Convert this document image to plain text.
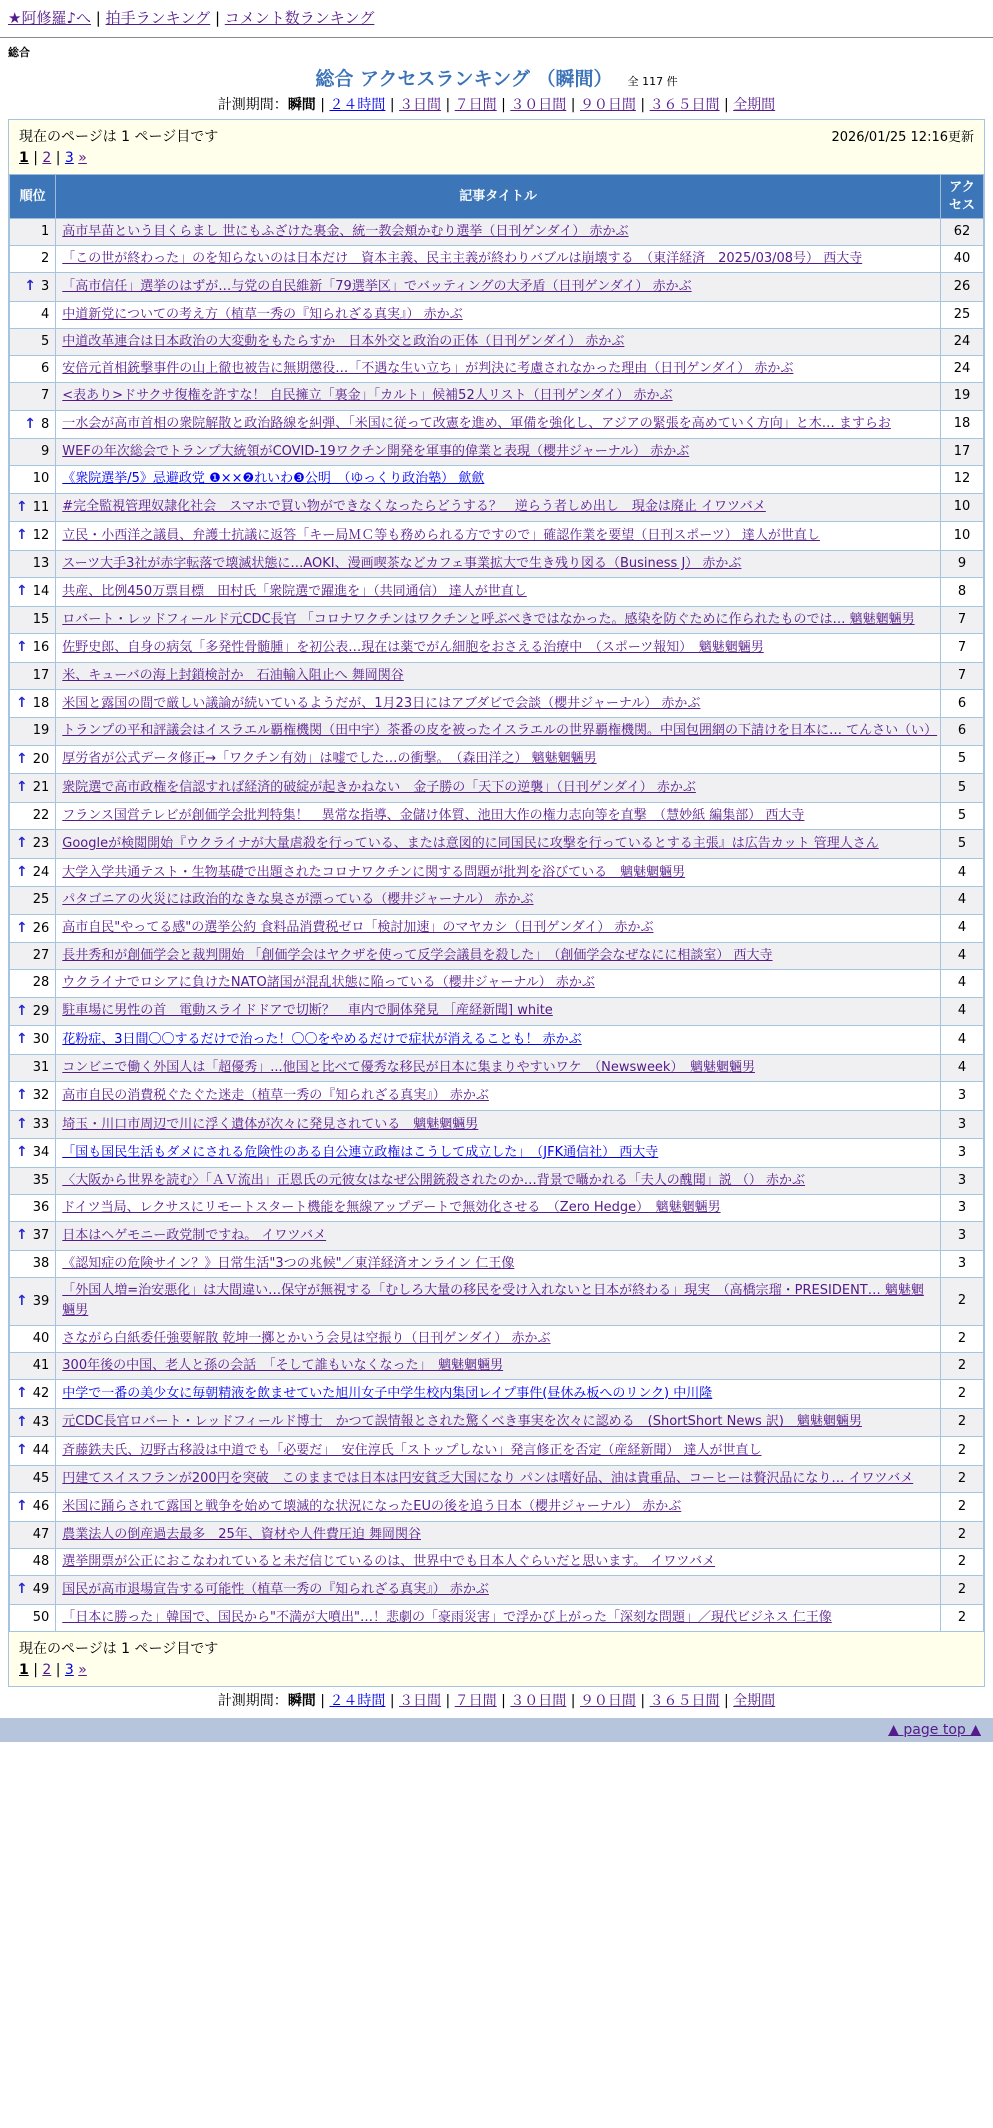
★阿修羅♪へ | 拍手ランキング | コメント数ランキング
総合
総合 アクセスランキング （瞬間） 全 117 件
計測期間：瞬間 | ２４時間 | ３日間 | ７日間 | ３０日間 | ９０日間 | ３６５日間 | 全期間
2026/01/25 12:16更新
現在のページは 1 ページ目です
1 | 2 | 3 »
順位	記事タイトル	アクセス
1	高市早苗という目くらまし 世にもふざけた裏金、統一教会頬かむり選挙（日刊ゲンダイ） 赤かぶ	62
2	「この世が終わった」のを知らないのは日本だけ　資本主義、民主主義が終わりバブルは崩壊する　（東洋経済　2025/03/08号） 西大寺	40
↑ 3	「高市信任」選挙のはずが…与党の自民維新「79選挙区」でバッティングの大矛盾（日刊ゲンダイ） 赤かぶ	26
4	中道新党についての考え方（植草一秀の『知られざる真実』） 赤かぶ	25
5	中道改革連合は日本政治の大変動をもたらすか　日本外交と政治の正体（日刊ゲンダイ） 赤かぶ	24
6	安倍元首相銃撃事件の山上徹也被告に無期懲役…「不遇な生い立ち」が判決に考慮されなかった理由（日刊ゲンダイ） 赤かぶ	24
7	<表あり>ドサクサ復権を許すな！ 自民擁立「裏金」「カルト」候補52人リスト（日刊ゲンダイ） 赤かぶ	19
↑ 8	一水会が高市首相の衆院解散と政治路線を糾弾、「米国に従って改憲を進め、軍備を強化し、アジアの緊張を高めていく方向」と木… ますらお	18
9	WEFの年次総会でトランプ大統領がCOVID-19ワクチン開発を軍事的偉業と表現（櫻井ジャーナル） 赤かぶ	17
10	《衆院選挙/5》忌避政党 ❶××❷れいわ❸公明　（ゆっくり政治塾） 歛歛	12
↑ 11	#完全監視管理奴隷化社会　スマホで買い物ができなくなったらどうする？　逆らう者しめ出し　現金は廃止 イワツバメ	10
↑ 12	立民・小西洋之議員、弁護士抗議に返答「キー局ＭＣ等も務められる方ですので」確認作業を要望（日刊スポーツ） 達人が世直し	10
13	スーツ大手3社が赤字転落で壊滅状態に…AOKI、漫画喫茶などカフェ事業拡大で生き残り図る（Business J） 赤かぶ	9
↑ 14	共産、比例450万票目標　田村氏「衆院選で躍進を」（共同通信） 達人が世直し	8
15	ロバート・レッドフィールド元CDC長官 「コロナワクチンはワクチンと呼ぶべきではなかった。感染を防ぐために作られたものでは… 魑魅魍魎男	7
↑ 16	佐野史郎、自身の病気「多発性骨髄腫」を初公表…現在は薬でがん細胞をおさえる治療中　（スポーツ報知）　魑魅魍魎男	7
17	米、キューバの海上封鎖検討か　石油輸入阻止へ 舞岡関谷	7
↑ 18	米国と露国の間で厳しい議論が続いているようだが、1月23日にはアブダビで会談（櫻井ジャーナル） 赤かぶ	6
19	トランプの平和評議会はイスラエル覇権機関（田中宇）茶番の皮を被ったイスラエルの世界覇権機関。中国包囲網の下請けを日本に… てんさい（い）	6
↑ 20	厚労省が公式データ修正→「ワクチン有効」は嘘でした…の衝撃。　（森田洋之） 魑魅魍魎男	5
↑ 21	衆院選で高市政権を信認すれば経済的破綻が起きかねない　金子勝の「天下の逆襲」（日刊ゲンダイ） 赤かぶ	5
22	フランス国営テレビが創価学会批判特集！　異常な指導、金儲け体質、池田大作の権力志向等を直撃　（慧妙紙 編集部） 西大寺	5
↑ 23	Googleが検閲開始『ウクライナが大量虐殺を行っている、または意図的に同国民に攻撃を行っているとする主張』は広告カット 管理人さん	5
↑ 24	大学入学共通テスト・生物基礎で出題されたコロナワクチンに関する問題が批判を浴びている　魑魅魍魎男	4
25	パタゴニアの火災には政治的なきな臭さが漂っている（櫻井ジャーナル） 赤かぶ	4
↑ 26	高市自民"やってる感"の選挙公約 食料品消費税ゼロ「検討加速」のマヤカシ（日刊ゲンダイ） 赤かぶ	4
27	長井秀和が創価学会と裁判開始 「創価学会はヤクザを使って反学会議員を殺した」　（創価学会なぜなにに相談室） 西大寺	4
28	ウクライナでロシアに負けたNATO諸国が混乱状態に陥っている（櫻井ジャーナル） 赤かぶ	4
↑ 29	駐車場に男性の首　電動スライドドアで切断？　車内で胴体発見 ［産経新聞] white	4
↑ 30	花粉症、3日間〇〇するだけで治った！〇〇をやめるだけで症状が消えることも！ 赤かぶ	4
31	コンビニで働く外国人は「超優秀」...他国と比べて優秀な移民が日本に集まりやすいワケ　（Newsweek）　魑魅魍魎男	4
↑ 32	高市自民の消費税ぐたぐた迷走（植草一秀の『知られざる真実』） 赤かぶ	3
↑ 33	埼玉・川口市周辺で川に浮く遺体が次々に発見されている　魑魅魍魎男	3
↑ 34	「国も国民生活もダメにされる危険性のある自公連立政権はこうして成立した」　（JFK通信社） 西大寺	3
35	〈大阪から世界を読む〉「ＡＶ流出」正恩氏の元彼女はなぜ公開銃殺されたのか…背景で囁かれる「夫人の醜聞」説 （） 赤かぶ	3
36	ドイツ当局、レクサスにリモートスタート機能を無線アップデートで無効化させる　（Zero Hedge）　魑魅魍魎男	3
↑ 37	日本はヘゲモニー政党制ですね。 イワツバメ	3
38	《認知症の危険サイン？》日常生活"3つの兆候"／東洋経済オンライン 仁王像	3
↑ 39	「外国人増=治安悪化」は大間違い…保守が無視する「むしろ大量の移民を受け入れないと日本が終わる」現実　（高橋宗瑠・PRESIDENT… 魑魅魍魎男	2
40	さながら白紙委任強要解散 乾坤一擲とかいう会見は空振り（日刊ゲンダイ） 赤かぶ	2
41	300年後の中国、老人と孫の会話　「そして誰もいなくなった」　魑魅魍魎男	2
↑ 42	中学で一番の美少女に毎朝精液を飲ませていた旭川女子中学生校内集団レイプ事件(昼休み板へのリンク) 中川隆	2
↑ 43	元CDC長官ロバート・レッドフィールド博士　かつて誤情報とされた驚くべき事実を次々に認める　(ShortShort News 訳)　魑魅魍魎男	2
↑ 44	斉藤鉄夫氏、辺野古移設は中道でも「必要だ」　安住淳氏「ストップしない」発言修正を否定（産経新聞） 達人が世直し	2
45	円建てスイスフランが200円を突破　このままでは日本は円安貧乏大国になり パンは嗜好品、油は貴重品、コーヒーは贅沢品になり… イワツバメ	2
↑ 46	米国に踊らされて露国と戦争を始めて壊滅的な状況になったEUの後を追う日本（櫻井ジャーナル） 赤かぶ	2
47	農業法人の倒産過去最多　25年、資材や人件費圧迫 舞岡関谷	2
48	選挙開票が公正におこなわれていると未だ信じているのは、世界中でも日本人ぐらいだと思います。 イワツバメ	2
↑ 49	国民が高市退場宣告する可能性（植草一秀の『知られざる真実』） 赤かぶ	2
50	「日本に勝った」韓国で、国民から"不満が大噴出"…！悲劇の「豪雨災害」で浮かび上がった「深刻な問題」／現代ビジネス 仁王像	2
現在のページは 1 ページ目です
1 | 2 | 3 »
計測期間：瞬間 | ２４時間 | ３日間 | ７日間 | ３０日間 | ９０日間 | ３６５日間 | 全期間
▲ page top ▲
